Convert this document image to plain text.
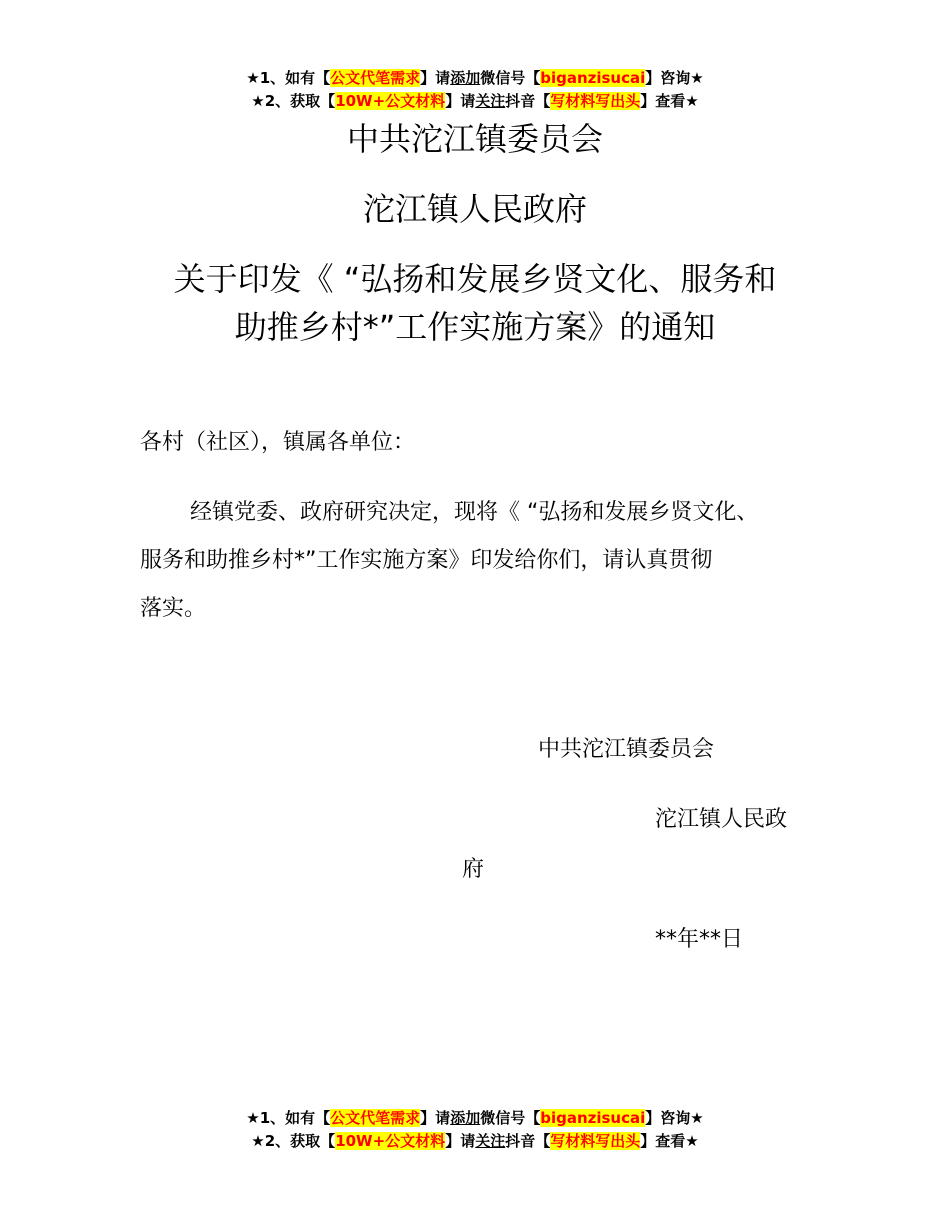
★1、如有【公文代笔需求】请添加微信号【biganzisucai】咨询★
★2、获取【10W+公文材料】请关注抖音【写材料写出头】查看★
中共沱江镇委员会
沱江镇人民政府
关于印发《 “弘扬和发展乡贤文化、服务和
助推乡村*”工作实施方案》的通知
各村（社区），镇属各单位：
经镇党委、政府研究决定，现将《 “弘扬和发展乡贤文化、
服务和助推乡村*”工作实施方案》印发给你们，请认真贯彻
落实。
中共沱江镇委员会
沱江镇人民政
府
**年**日
★1、如有【公文代笔需求】请添加微信号【biganzisucai】咨询★
★2、获取【10W+公文材料】请关注抖音【写材料写出头】查看★
